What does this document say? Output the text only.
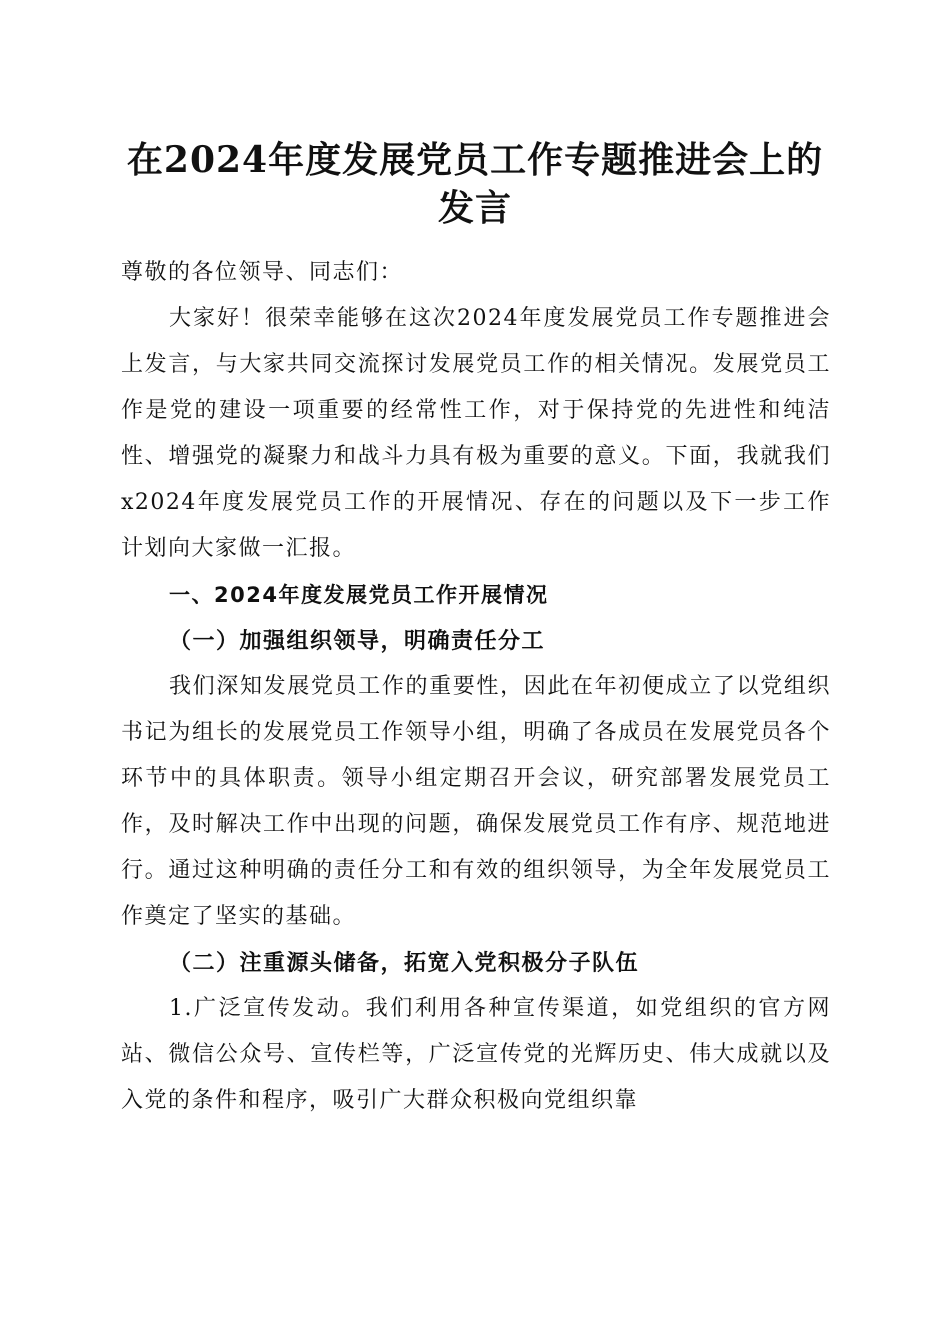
在2024年度发展党员工作专题推进会上的发言

尊敬的各位领导、同志们：

大家好！很荣幸能够在这次2024年度发展党员工作专题推进会上发言，与大家共同交流探讨发展党员工作的相关情况。发展党员工作是党的建设一项重要的经常性工作，对于保持党的先进性和纯洁性、增强党的凝聚力和战斗力具有极为重要的意义。下面，我就我们x2024年度发展党员工作的开展情况、存在的问题以及下一步工作计划向大家做一汇报。

一、2024年度发展党员工作开展情况

（一）加强组织领导，明确责任分工

我们深知发展党员工作的重要性，因此在年初便成立了以党组织书记为组长的发展党员工作领导小组，明确了各成员在发展党员各个环节中的具体职责。领导小组定期召开会议，研究部署发展党员工作，及时解决工作中出现的问题，确保发展党员工作有序、规范地进行。通过这种明确的责任分工和有效的组织领导，为全年发展党员工作奠定了坚实的基础。

（二）注重源头储备，拓宽入党积极分子队伍

1.广泛宣传发动。我们利用各种宣传渠道，如党组织的官方网站、微信公众号、宣传栏等，广泛宣传党的光辉历史、伟大成就以及入党的条件和程序，吸引广大群众积极向党组织靠
